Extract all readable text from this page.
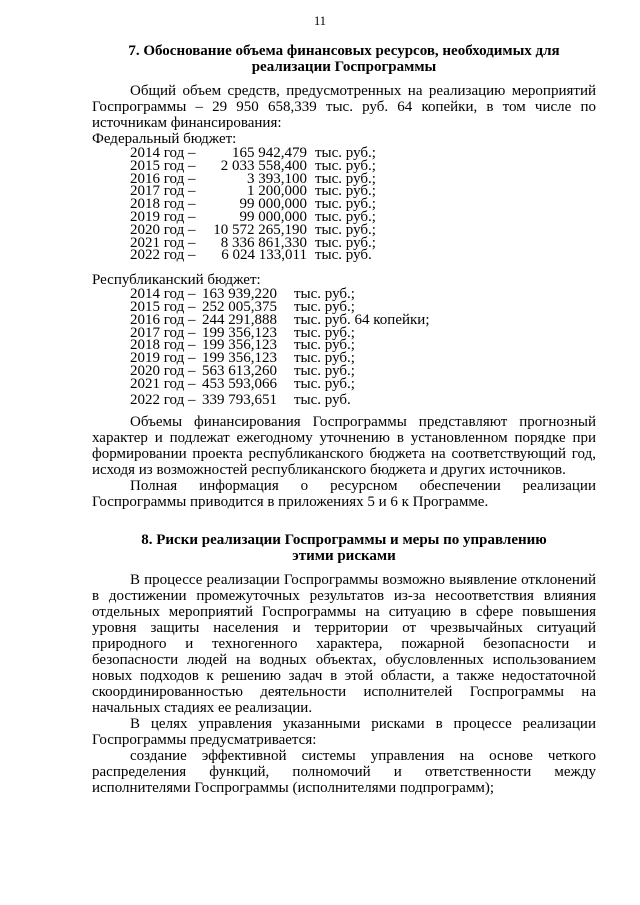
11
7. Обоснование объема финансовых ресурсов, необходимых для
реализации Госпрограммы

Общий объем средств, предусмотренных на реализацию мероприятий Госпрограммы – 29 950 658,339 тыс. руб. 64 копейки, в том числе по источникам финансирования:

Федеральный бюджет:
2014 год – 165 942,479 тыс. руб.;
2015 год – 2 033 558,400 тыс. руб.;
2016 год –	3 393,100 тыс. руб.;
2017 год –	1 200,000 тыс. руб.;
2018 год –	99 000,000 тыс. руб.;
2019 год –	99 000,000 тыс. руб.;
2020 год – 10 572 265,190 тыс. руб.;
2021 год – 8 336 861,330 тыс. руб.;
2022 год – 6 024 133,011 тыс. руб.
Республиканский бюджет:
2014 год – 163 939,220 тыс. руб.;
2015 год – 252 005,375 тыс. руб.;
2016 год – 244 291,888 тыс. руб. 64 копейки;
2017 год – 199 356,123 тыс. руб.;
2018 год – 199 356,123 тыс. руб.;
2019 год – 199 356,123 тыс. руб.;
2020 год – 563 613,260 тыс. руб.;
2021 год – 453 593,066 тыс. руб.;
2022 год – 339 793,651 тыс. руб.

Объемы финансирования Госпрограммы представляют прогнозный характер и подлежат ежегодному уточнению в установленном порядке при формировании проекта республиканского бюджета на соответствующий год, исходя из возможностей республиканского бюджета и других источников.

Полная информация о ресурсном обеспечении реализации Госпрограммы приводится в приложениях 5 и 6 к Программе.

8. Риски реализации Госпрограммы и меры по управлению
этими рисками

В процессе реализации Госпрограммы возможно выявление отклонений в достижении промежуточных результатов из-за несоответствия влияния отдельных мероприятий Госпрограммы на ситуацию в сфере повышения уровня защиты населения и территории от чрезвычайных ситуаций природного и техногенного характера, пожарной безопасности и безопасности людей на водных объектах, обусловленных использованием новых подходов к решению задач в этой области, а также недостаточной скоординированностью деятельности исполнителей Госпрограммы на начальных стадиях ее реализации.

В целях управления указанными рисками в процессе реализации Госпрограммы предусматривается:

создание эффективной системы управления на основе четкого распределения функций, полномочий и ответственности между исполнителями Госпрограммы (исполнителями подпрограмм);
